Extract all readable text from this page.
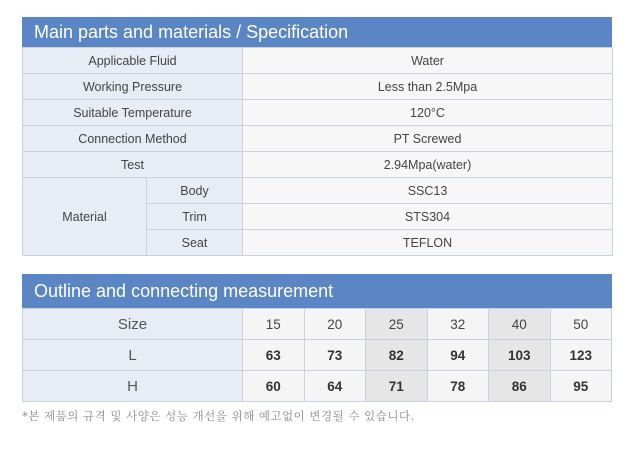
Main parts and materials / Specification
Applicable Fluid		Water
Working Pressure		Less than 2.5Mpa
Suitable Temperature		120°C
Connection Method		PT Screwed
Test		2.94Mpa(water)
Material	Body	SSC13
	Trim	STS304
	Seat	TEFLON
Outline and connecting measurement
Size	15	20	25	32	40	50
L	63	73	82	94	103	123
H	60	64	71	78	86	95
*본 제품의 규격 및 사양은 성능 개선을 위해 예고없이 변경될 수 있습니다.
